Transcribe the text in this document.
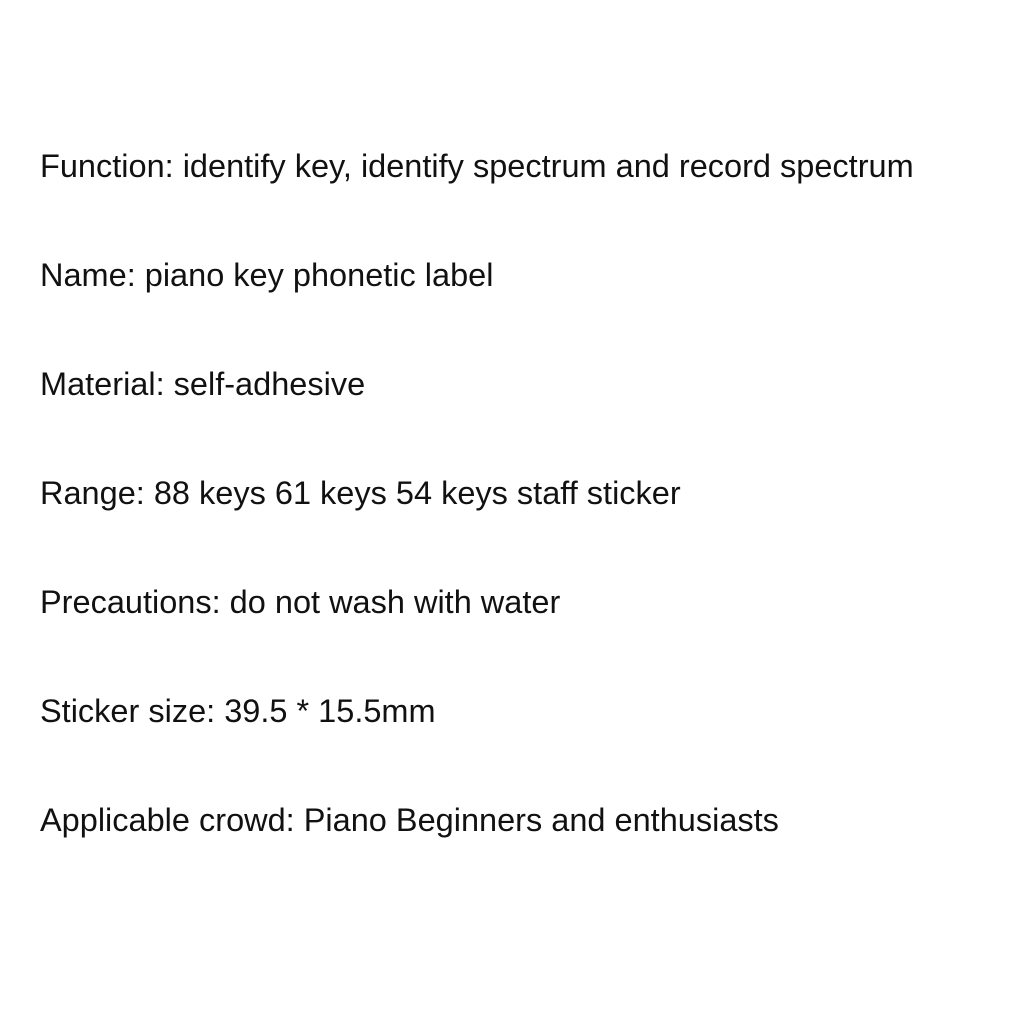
Function: identify key, identify spectrum and record spectrum
Name: piano key phonetic label
Material: self-adhesive
Range: 88 keys 61 keys 54 keys staff sticker
Precautions: do not wash with water
Sticker size: 39.5 * 15.5mm
Applicable crowd: Piano Beginners and enthusiasts
